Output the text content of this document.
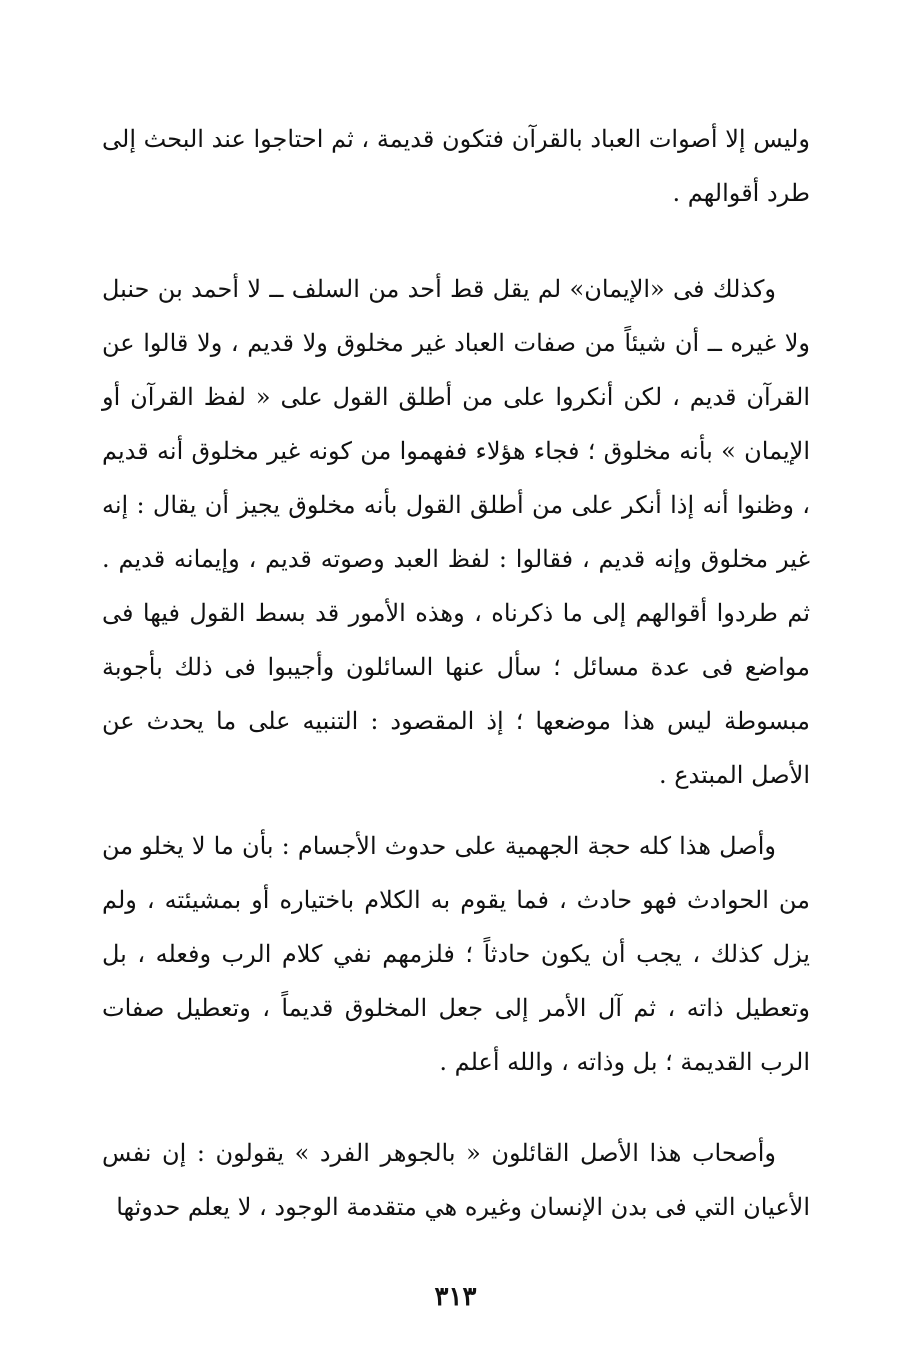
وليس إلا أصوات العباد بالقرآن فتكون قديمة ، ثم احتاجوا عند البحث إلى طرد أقوالهم .

وكذلك فى «الإيمان» لم يقل قط أحد من السلف ــ لا أحمد بن حنبل ولا غيره ــ أن شيئاً من صفات العباد غير مخلوق ولا قديم ، ولا قالوا عن القرآن قديم ، لكن أنكروا على من أطلق القول على « لفظ القرآن أو الإيمان » بأنه مخلوق ؛ فجاء هؤلاء ففهموا من كونه غير مخلوق أنه قديم ، وظنوا أنه إذا أنكر على من أطلق القول بأنه مخلوق يجيز أن يقال : إنه غير مخلوق وإنه قديم ، فقالوا : لفظ العبد وصوته قديم ، وإيمانه قديم . ثم طردوا أقوالهم إلى ما ذكرناه ، وهذه الأمور قد بسط القول فيها فى مواضع فى عدة مسائل ؛ سأل عنها السائلون وأجيبوا فى ذلك بأجوبة مبسوطة ليس هذا موضعها ؛ إذ المقصود : التنبيه على ما يحدث عن الأصل المبتدع .

وأصل هذا كله حجة الجهمية على حدوث الأجسام : بأن ما لا يخلو من من الحوادث فهو حادث ، فما يقوم به الكلام باختياره أو بمشيئته ، ولم يزل كذلك ، يجب أن يكون حادثاً ؛ فلزمهم نفي كلام الرب وفعله ، بل وتعطيل ذاته ، ثم آل الأمر إلى جعل المخلوق قديماً ، وتعطيل صفات الرب القديمة ؛ بل وذاته ، والله أعلم .

وأصحاب هذا الأصل القائلون « بالجوهر الفرد » يقولون : إن نفس الأعيان التي فى بدن الإنسان وغيره هي متقدمة الوجود ، لا يعلم حدوثها

٣١٣
